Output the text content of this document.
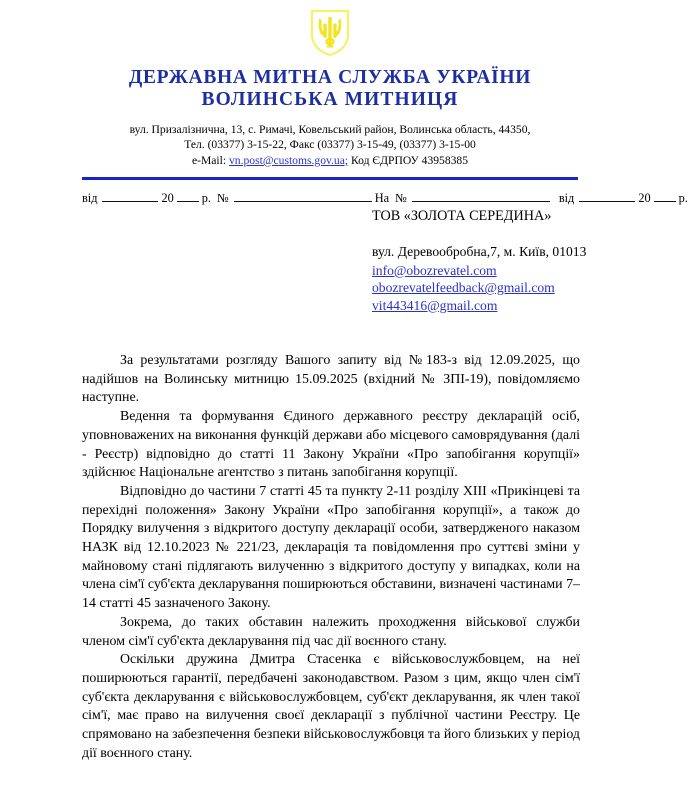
ДЕРЖАВНА МИТНА СЛУЖБА УКРАЇНИ
ВОЛИНСЬКА МИТНИЦЯ
вул. Призалізнична, 13, с. Римачі, Ковельський район, Волинська область, 44350,
Тел. (03377) 3-15-22, Факс (03377) 3-15-49, (03377) 3-15-00
e-Mail: vn.post@customs.gov.ua; Код ЄДРПОУ 43958385
від	20 р. №	На №	від	20 р.
ТОВ «ЗОЛОТА СЕРЕДИНА»
вул. Деревообробна,7, м. Київ, 01013
info@obozrevatel.com
obozrevatelfeedback@gmail.com
vit443416@gmail.com

За результатами розгляду Вашого запиту від №183-з від 12.09.2025, що надійшов на Волинську митницю 15.09.2025 (вхідний № ЗПІ-19), повідомляємо наступне.

Ведення та формування Єдиного державного реєстру декларацій осіб, уповноважених на виконання функцій держави або місцевого самоврядування (далі - Реєстр) відповідно до статті 11 Закону України «Про запобігання корупції» здійснює Національне агентство з питань запобігання корупції.

Відповідно до частини 7 статті 45 та пункту 2-11 розділу XIII «Прикінцеві та перехідні положення» Закону України «Про запобігання корупції», а також до Порядку вилучення з відкритого доступу декларації особи, затвердженого наказом НАЗК від 12.10.2023 № 221/23, декларація та повідомлення про суттєві зміни у майновому стані підлягають вилученню з відкритого доступу у випадках, коли на члена сім'ї суб'єкта декларування поширюються обставини, визначені частинами 7–14 статті 45 зазначеного Закону.

Зокрема, до таких обставин належить проходження військової служби членом сім'ї суб'єкта декларування під час дії воєнного стану.

Оскільки дружина Дмитра Стасенка є військовослужбовцем, на неї поширюються гарантії, передбачені законодавством. Разом з цим, якщо член сім'ї суб'єкта декларування є військовослужбовцем, суб'єкт декларування, як член такої сім'ї, має право на вилучення своєї декларації з публічної частини Реєстру. Це спрямовано на забезпечення безпеки військовослужбовця та його близьких у період дії воєнного стану.
